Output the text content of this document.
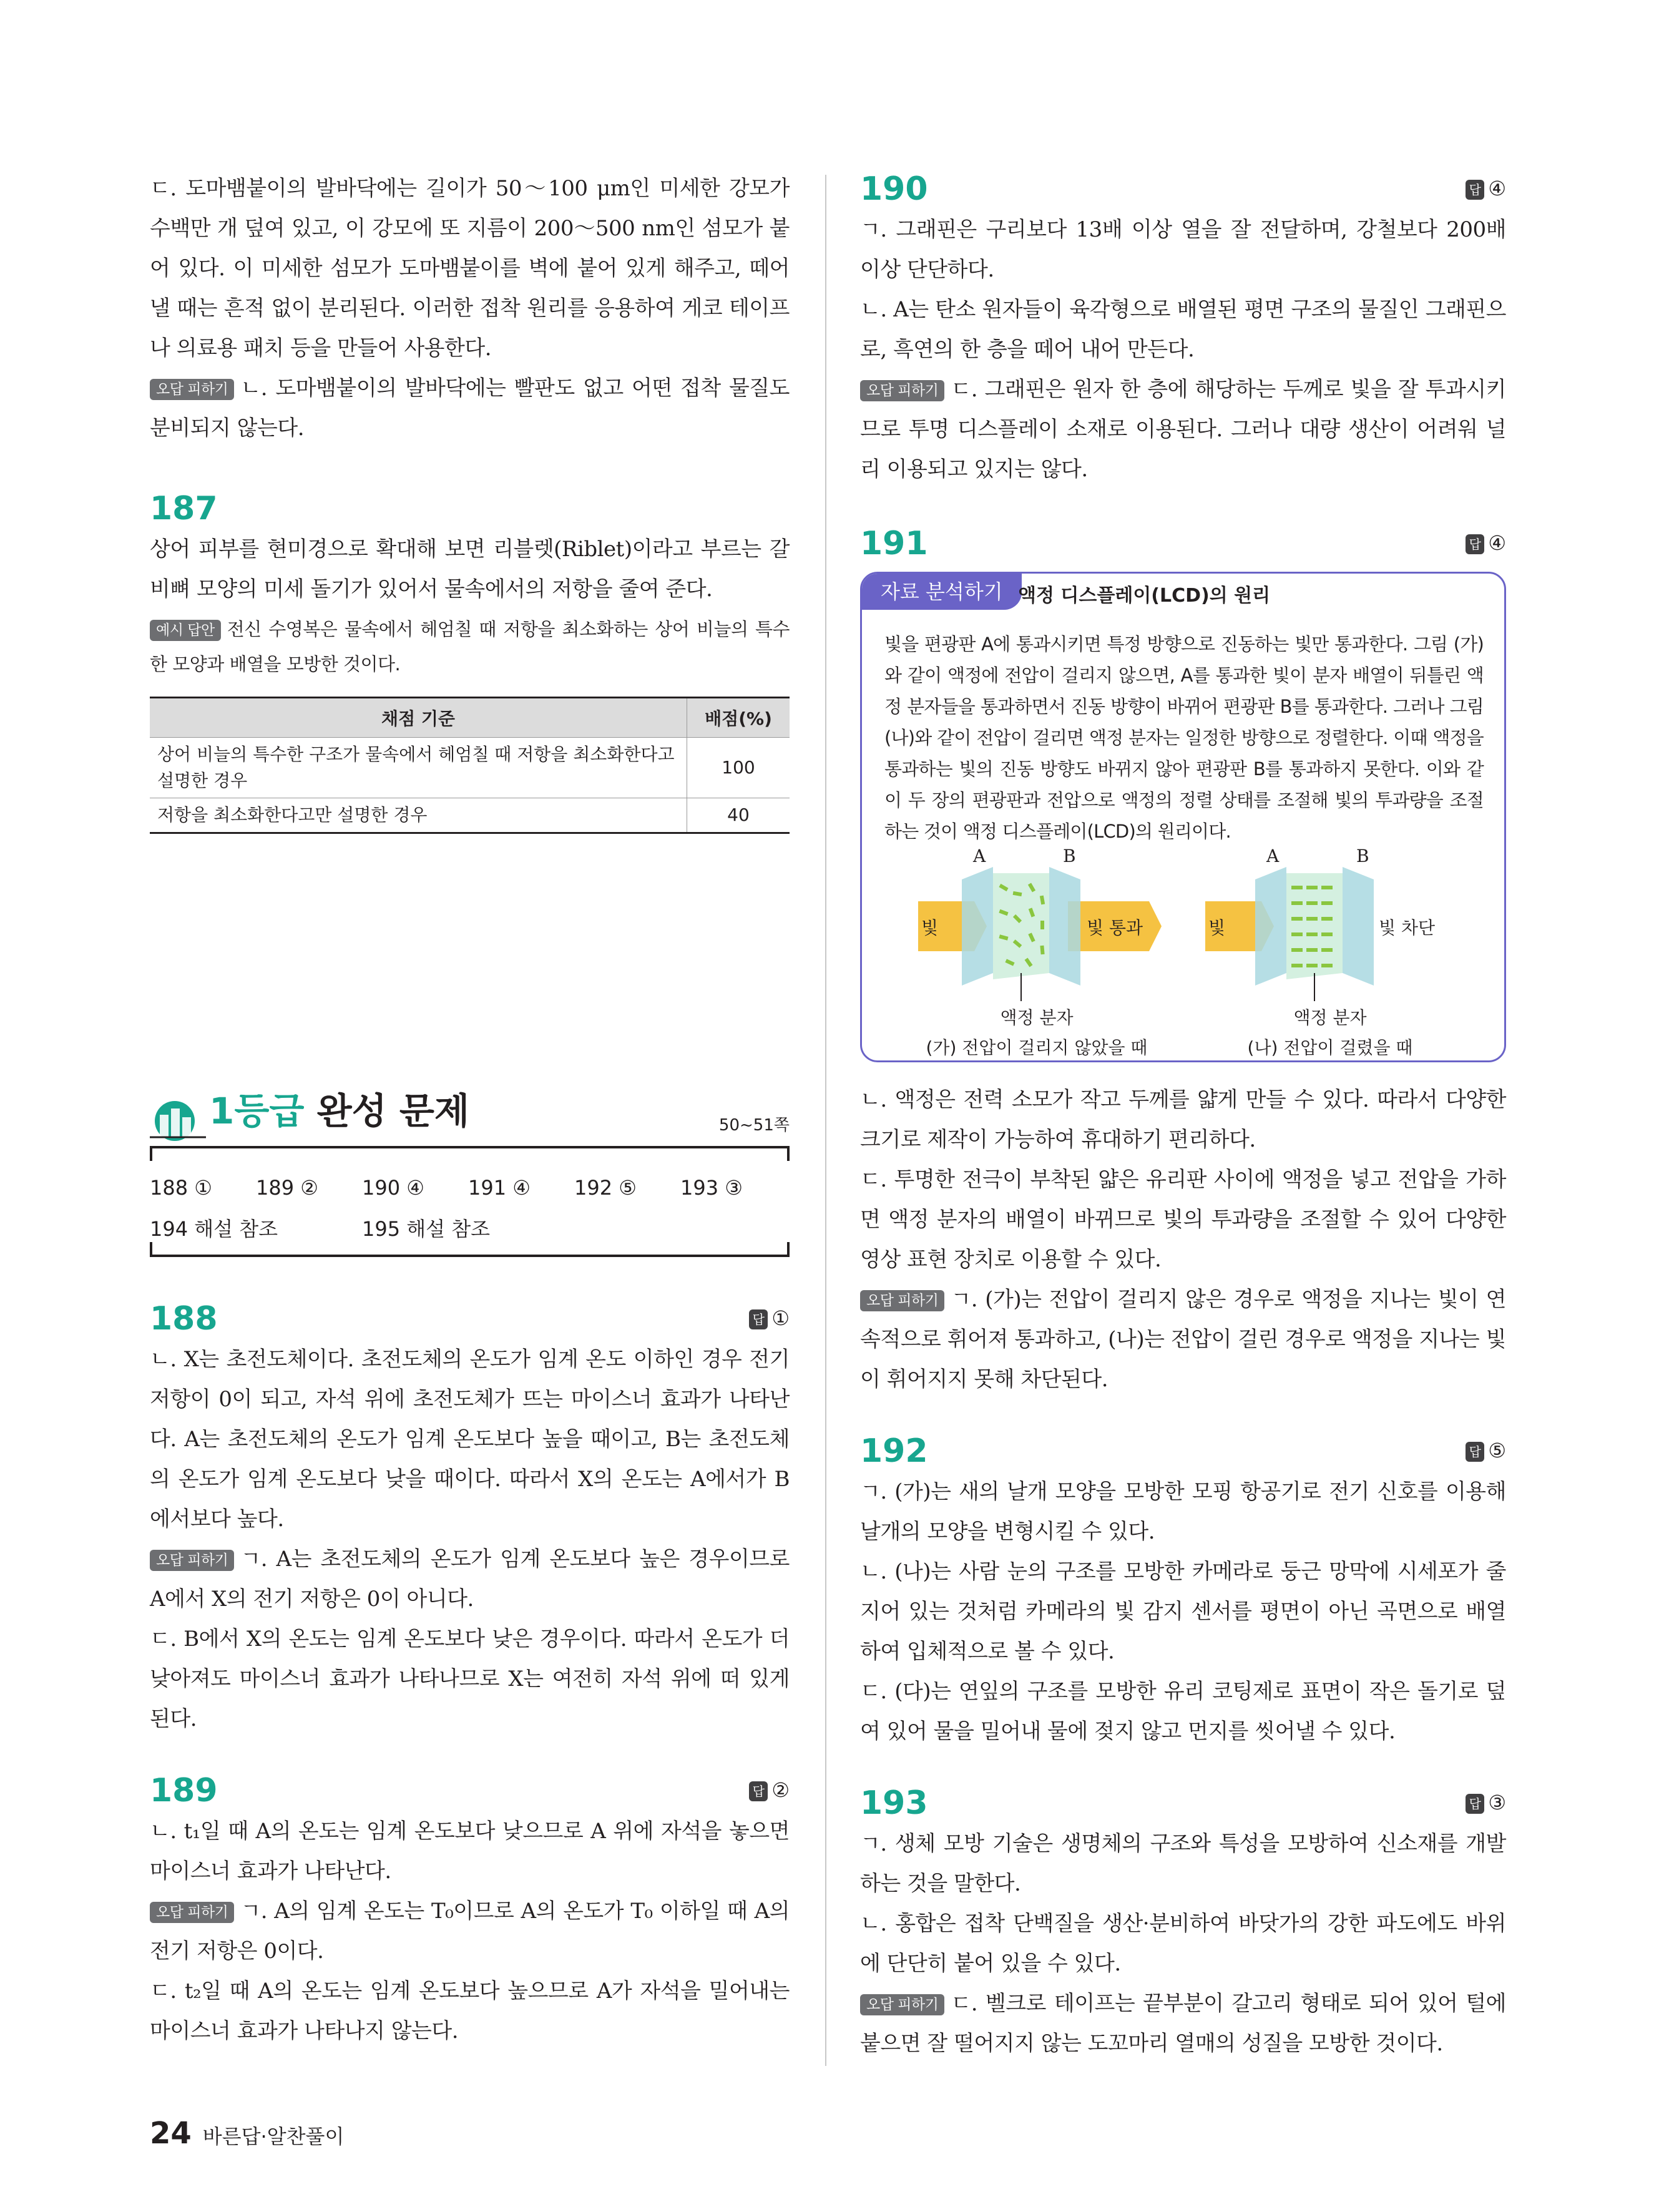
ㄷ. 도마뱀붙이의 발바닥에는 길이가 50～100 μm인 미세한 강모가 수백만 개 덮여 있고, 이 강모에 또 지름이 200～500 nm인 섬모가 붙어 있다. 이 미세한 섬모가 도마뱀붙이를 벽에 붙어 있게 해주고, 떼어 낼 때는 흔적 없이 분리된다. 이러한 접착 원리를 응용하여 게코 테이프나 의료용 패치 등을 만들어 사용한다.

오답 피하기 ㄴ. 도마뱀붙이의 발바닥에는 빨판도 없고 어떤 접착 물질도 분비되지 않는다.

187

상어 피부를 현미경으로 확대해 보면 리블렛(Riblet)이라고 부르는 갈비뼈 모양의 미세 돌기가 있어서 물속에서의 저항을 줄여 준다.

예시 답안 전신 수영복은 물속에서 헤엄칠 때 저항을 최소화하는 상어 비늘의 특수한 모양과 배열을 모방한 것이다.

채점 기준	배점(%)
상어 비늘의 특수한 구조가 물속에서 헤엄칠 때 저항을 최소화한다고 설명한 경우	100
저항을 최소화한다고만 설명한 경우	40
1등급 완성 문제	50~51쪽
188 ① 189 ② 190 ④ 191 ④ 192 ⑤ 193 ③
194 해설 참조	195 해설 참조
188	답 ①

ㄴ. X는 초전도체이다. 초전도체의 온도가 임계 온도 이하인 경우 전기 저항이 0이 되고, 자석 위에 초전도체가 뜨는 마이스너 효과가 나타난다. A는 초전도체의 온도가 임계 온도보다 높을 때이고, B는 초전도체의 온도가 임계 온도보다 낮을 때이다. 따라서 X의 온도는 A에서가 B에서보다 높다.

오답 피하기 ㄱ. A는 초전도체의 온도가 임계 온도보다 높은 경우이므로 A에서 X의 전기 저항은 0이 아니다.

ㄷ. B에서 X의 온도는 임계 온도보다 낮은 경우이다. 따라서 온도가 더 낮아져도 마이스너 효과가 나타나므로 X는 여전히 자석 위에 떠 있게 된다.

189	답 ②

ㄴ. t₁일 때 A의 온도는 임계 온도보다 낮으므로 A 위에 자석을 놓으면 마이스너 효과가 나타난다.

오답 피하기 ㄱ. A의 임계 온도는 T₀이므로 A의 온도가 T₀ 이하일 때 A의 전기 저항은 0이다.

ㄷ. t₂일 때 A의 온도는 임계 온도보다 높으므로 A가 자석을 밀어내는 마이스너 효과가 나타나지 않는다.

190	답 ④

ㄱ. 그래핀은 구리보다 13배 이상 열을 잘 전달하며, 강철보다 200배 이상 단단하다.

ㄴ. A는 탄소 원자들이 육각형으로 배열된 평면 구조의 물질인 그래핀으로, 흑연의 한 층을 떼어 내어 만든다.

오답 피하기 ㄷ. 그래핀은 원자 한 층에 해당하는 두께로 빛을 잘 투과시키므로 투명 디스플레이 소재로 이용된다. 그러나 대량 생산이 어려워 널리 이용되고 있지는 않다.

191	답 ④
자료 분석하기 액정 디스플레이(LCD)의 원리
빛을 편광판 A에 통과시키면 특정 방향으로 진동하는 빛만 통과한다. 그림 (가)와 같이 액정에 전압이 걸리지 않으면, A를 통과한 빛이 분자 배열이 뒤틀린 액정 분자들을 통과하면서 진동 방향이 바뀌어 편광판 B를 통과한다. 그러나 그림 (나)와 같이 전압이 걸리면 액정 분자는 일정한 방향으로 정렬한다. 이때 액정을 통과하는 빛의 진동 방향도 바뀌지 않아 편광판 B를 통과하지 못한다. 이와 같이 두 장의 편광판과 전압으로 액정의 정렬 상태를 조절해 빛의 투과량을 조절하는 것이 액정 디스플레이(LCD)의 원리이다.
빛	빛 통과
A	B
액정 분자
(가) 전압이 걸리지 않았을 때
빛	빛 차단
A	B
액정 분자
(나) 전압이 걸렸을 때

ㄴ. 액정은 전력 소모가 작고 두께를 얇게 만들 수 있다. 따라서 다양한 크기로 제작이 가능하여 휴대하기 편리하다.

ㄷ. 투명한 전극이 부착된 얇은 유리판 사이에 액정을 넣고 전압을 가하면 액정 분자의 배열이 바뀌므로 빛의 투과량을 조절할 수 있어 다양한 영상 표현 장치로 이용할 수 있다.

오답 피하기 ㄱ. (가)는 전압이 걸리지 않은 경우로 액정을 지나는 빛이 연속적으로 휘어져 통과하고, (나)는 전압이 걸린 경우로 액정을 지나는 빛이 휘어지지 못해 차단된다.

192	답 ⑤

ㄱ. (가)는 새의 날개 모양을 모방한 모핑 항공기로 전기 신호를 이용해 날개의 모양을 변형시킬 수 있다.

ㄴ. (나)는 사람 눈의 구조를 모방한 카메라로 둥근 망막에 시세포가 줄지어 있는 것처럼 카메라의 빛 감지 센서를 평면이 아닌 곡면으로 배열하여 입체적으로 볼 수 있다.

ㄷ. (다)는 연잎의 구조를 모방한 유리 코팅제로 표면이 작은 돌기로 덮여 있어 물을 밀어내 물에 젖지 않고 먼지를 씻어낼 수 있다.

193	답 ③

ㄱ. 생체 모방 기술은 생명체의 구조와 특성을 모방하여 신소재를 개발하는 것을 말한다.

ㄴ. 홍합은 접착 단백질을 생산·분비하여 바닷가의 강한 파도에도 바위에 단단히 붙어 있을 수 있다.

오답 피하기 ㄷ. 벨크로 테이프는 끝부분이 갈고리 형태로 되어 있어 털에 붙으면 잘 떨어지지 않는 도꼬마리 열매의 성질을 모방한 것이다.

24 바른답·알찬풀이
